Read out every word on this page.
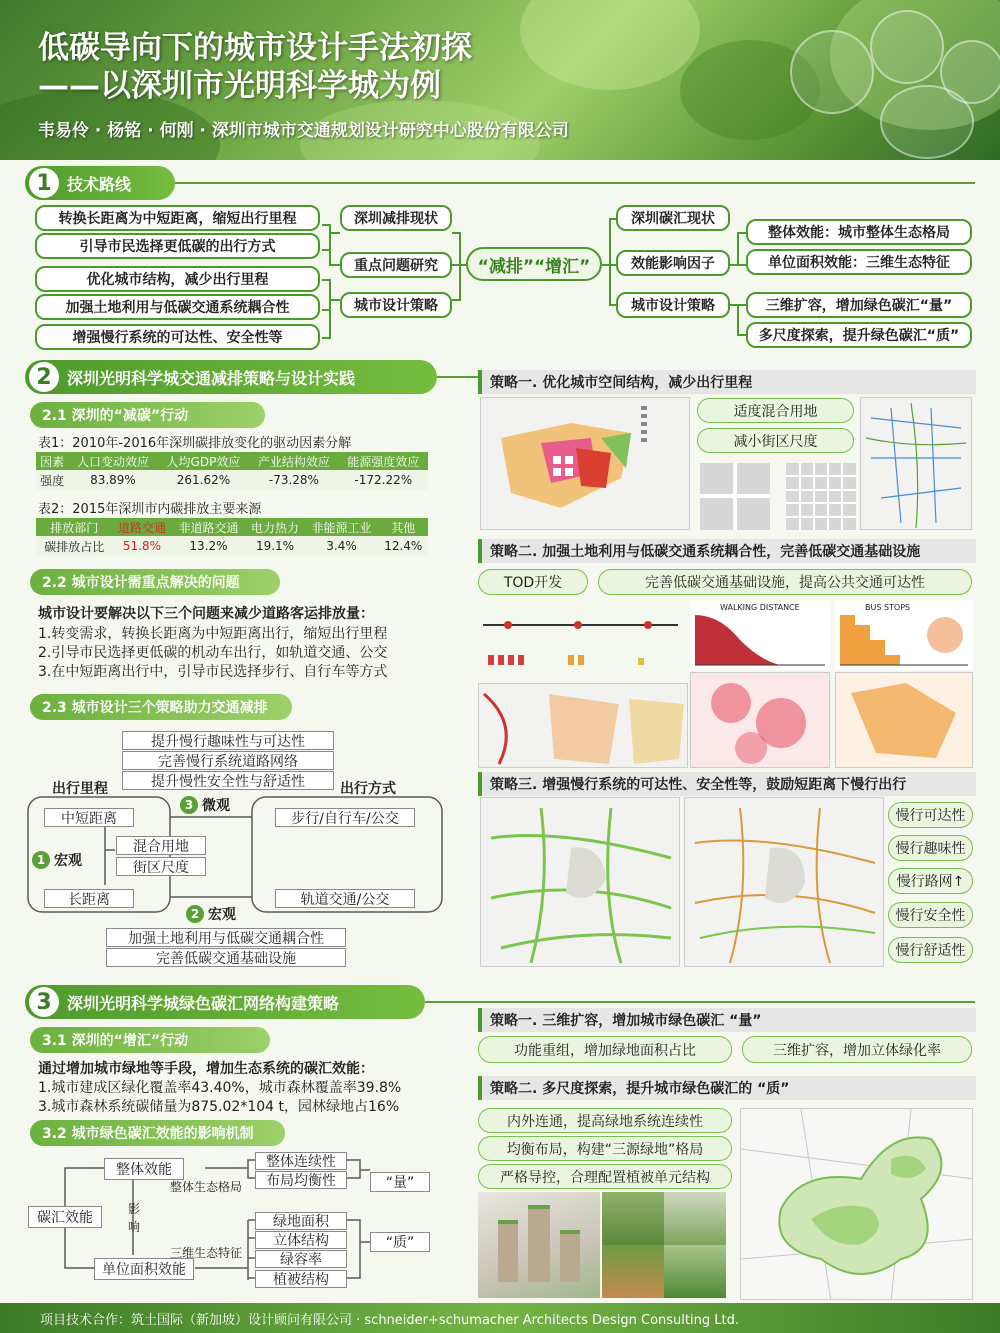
低碳导向下的城市设计手法初探
——以深圳市光明科学城为例
韦易伶 · 杨铭 · 何刚 · 深圳市城市交通规划设计研究中心股份有限公司
1 技术路线
转换长距离为中短距离，缩短出行里程
引导市民选择更低碳的出行方式
优化城市结构，减少出行里程
加强土地利用与低碳交通系统耦合性
增强慢行系统的可达性、安全性等
深圳减排现状
重点问题研究
城市设计策略
“减排”“增汇”
深圳碳汇现状
效能影响因子
城市设计策略
整体效能：城市整体生态格局
单位面积效能：三维生态特征
三维扩容，增加绿色碳汇“量”
多尺度探索，提升绿色碳汇“质”
2 深圳光明科学城交通减排策略与设计实践
2.1 深圳的“减碳”行动
表1：2010年-2016年深圳碳排放变化的驱动因素分解
因素	人口变动效应	人均GDP效应	产业结构效应	能源强度效应
强度	83.89%	261.62%	-73.28%	-172.22%
表2：2015年深圳市内碳排放主要来源
排放部门	道路交通	非道路交通	电力热力	非能源工业	其他
碳排放占比	51.8%	13.2%	19.1%	3.4%	12.4%
2.2 城市设计需重点解决的问题
城市设计要解决以下三个问题来减少道路客运排放量：
1.转变需求，转换长距离为中短距离出行，缩短出行里程
2.引导市民选择更低碳的机动车出行，如轨道交通、公交
3.在中短距离出行中，引导市民选择步行、自行车等方式
2.3 城市设计三个策略助力交通减排
提升慢行趣味性与可达性
完善慢行系统道路网络
提升慢性安全性与舒适性
出行里程	出行方式
3 微观
中短距离	步行/自行车/公交
混合用地
街区尺度
1 宏观
长距离	轨道交通/公交
2 宏观
加强土地利用与低碳交通耦合性
完善低碳交通基础设施
策略一. 优化城市空间结构，减少出行里程
适度混合用地
减小街区尺度
策略二. 加强土地利用与低碳交通系统耦合性，完善低碳交通基础设施
TOD开发	完善低碳交通基础设施，提高公共交通可达性
WALKING DISTANCE	BUS STOPS
策略三. 增强慢行系统的可达性、安全性等，鼓励短距离下慢行出行
慢行可达性
慢行趣味性
慢行路网↑
慢行安全性
慢行舒适性
3 深圳光明科学城绿色碳汇网络构建策略
3.1 深圳的“增汇”行动
通过增加城市绿地等手段，增加生态系统的碳汇效能：
1.城市建成区绿化覆盖率43.40%，城市森林覆盖率39.8%
3.城市森林系统碳储量为875.02*104 t，园林绿地占16%
3.2 城市绿色碳汇效能的影响机制
碳汇效能
整体效能
单位面积效能
影响
整体生态格局
三维生态特征
整体连续性
布局均衡性
绿地面积
立体结构
绿容率
植被结构
“量”
“质”
策略一. 三维扩容，增加城市绿色碳汇 “量”
功能重组，增加绿地面积占比	三维扩容，增加立体绿化率
策略二. 多尺度探索，提升城市绿色碳汇的 “质”
内外连通，提高绿地系统连续性
均衡布局，构建“三源绿地”格局
严格导控，合理配置植被单元结构
项目技术合作：筑土国际（新加坡）设计顾问有限公司 · schneider+schumacher Architects Design Consulting Ltd.
